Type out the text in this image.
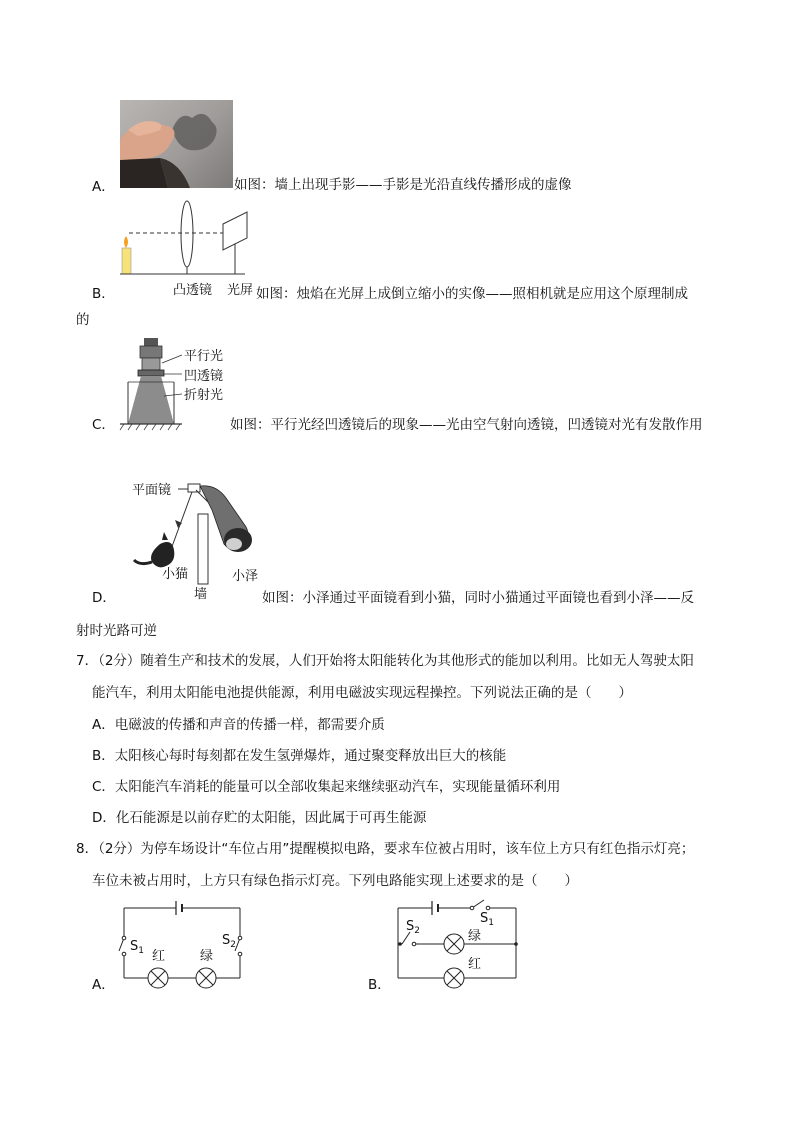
A．	如图：墙上出现手影——手影是光沿直线传播形成的虚像
凸透镜 光屏
B．	如图：烛焰在光屏上成倒立缩小的实像——照相机就是应用这个原理制成
的
平行光
凹透镜
折射光
C．	如图：平行光经凹透镜后的现象——光由空气射向透镜，凹透镜对光有发散作用
平面镜
小猫
墙
小泽
D．	如图：小泽通过平面镜看到小猫，同时小猫通过平面镜也看到小泽——反
射时光路可逆
7．（2分）随着生产和技术的发展，人们开始将太阳能转化为其他形式的能加以利用。比如无人驾驶太阳
能汽车，利用太阳能电池提供能源，利用电磁波实现远程操控。下列说法正确的是（　　）
A．电磁波的传播和声音的传播一样，都需要介质
B．太阳核心每时每刻都在发生氢弹爆炸，通过聚变释放出巨大的核能
C．太阳能汽车消耗的能量可以全部收集起来继续驱动汽车，实现能量循环利用
D．化石能源是以前存贮的太阳能，因此属于可再生能源
8．（2分）为停车场设计“车位占用”提醒模拟电路，要求车位被占用时，该车位上方只有红色指示灯亮；
车位未被占用时，上方只有绿色指示灯亮。下列电路能实现上述要求的是（　　）
$S_1$
$S_2$
红	绿
A．
$S_1$
$S_2$	绿
红
B．
